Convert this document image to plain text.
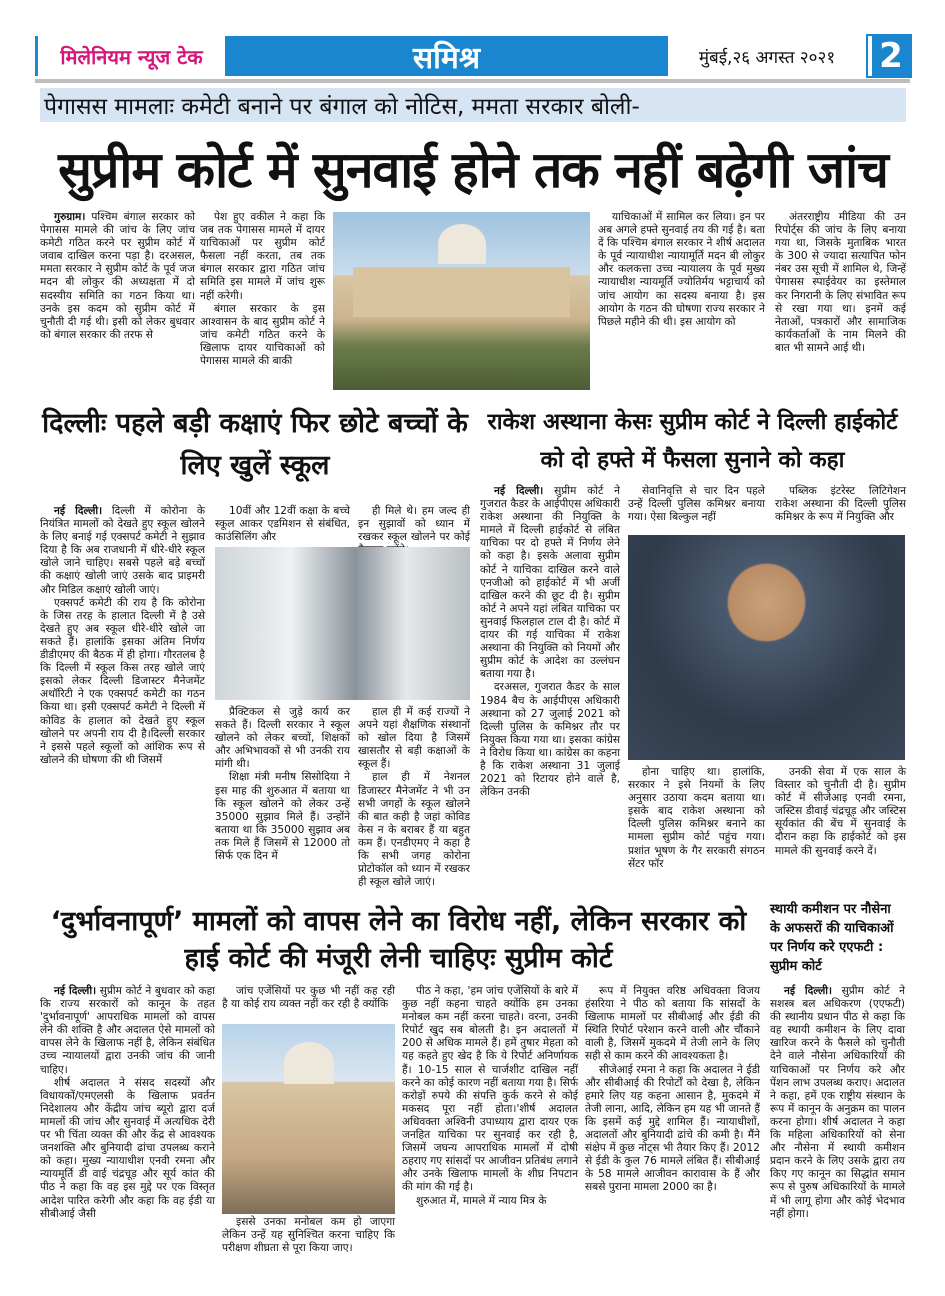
मिलेनियम न्यूज टेक	समिश्र	मुंबई,२६ अगस्त २०२१	2
पेगासस मामलाः कमेटी बनाने पर बंगाल को नोटिस, ममता सरकार बोली-
सुप्रीम कोर्ट में सुनवाई होने तक नहीं बढ़ेगी जांच

गुरुग्राम। पश्चिम बंगाल सरकार को पेगासस मामले की जांच के लिए जांच कमेटी गठित करने पर सुप्रीम कोर्ट में जवाब दाखिल करना पड़ा है। दरअसल, ममता सरकार ने सुप्रीम कोर्ट के पूर्व जज मदन बी लोकुर की अध्यक्षता में दो सदस्यीय समिति का गठन किया था। उनके इस कदम को सुप्रीम कोर्ट में चुनौती दी गई थी। इसी को लेकर बुधवार को बंगाल सरकार की तरफ से

पेश हुए वकील ने कहा कि जब तक पेगासस मामले में दायर याचिकाओं पर सुप्रीम कोर्ट फैसला नहीं करता, तब तक बंगाल सरकार द्वारा गठित जांच समिति इस मामले में जांच शुरू नहीं करेगी।

बंगाल सरकार के इस आश्वासन के बाद सुप्रीम कोर्ट ने जांच कमेटी गठित करने के खिलाफ दायर याचिकाओं को पेगासस मामले की बाकी

याचिकाओं में सामिल कर लिया। इन पर अब अगले हफ्ते सुनवाई तय की गई है। बता दें कि पश्चिम बंगाल सरकार ने शीर्ष अदालत के पूर्व न्यायाधीश न्यायामूर्ति मदन बी लोकुर और कलकत्ता उच्च न्यायालय के पूर्व मुख्य न्यायाधीश न्यायमूर्ति ज्योतिर्मय भट्टाचार्य को जांच आयोग का सदस्य बनाया है। इस आयोग के गठन की घोषणा राज्य सरकार ने पिछले महीने की थी। इस आयोग को

अंतरराष्ट्रीय मीडिया की उन रिपोर्ट्स की जांच के लिए बनाया गया था, जिसके मुताबिक भारत के 300 से ज्यादा सत्यापित फोन नंबर उस सूची में शामिल थे, जिन्हें पेगासस स्पाईवेयर का इस्तेमाल कर निगरानी के लिए संभावित रूप से रखा गया था। इनमें कई नेताओं, पत्रकारों और सामाजिक कार्यकर्ताओं के नाम मिलने की बात भी सामने आई थी।

दिल्लीः पहले बड़ी कक्षाएं फिर छोटे बच्चों के लिए खुलें स्कूल

नई दिल्ली। दिल्ली में कोरोना के नियंत्रित मामलों को देखते हुए स्कूल खोलने के लिए बनाई गई एक्सपर्ट कमेटी ने सुझाव दिया है कि अब राजधानी में धीरे-धीरे स्कूल खोले जाने चाहिए। सबसे पहले बड़े बच्चों की कक्षाएं खोली जाएं उसके बाद प्राइमरी और मिडिल कक्षाएं खोली जाएं।

एक्सपर्ट कमेटी की राय है कि कोरोना के जिस तरह के हालात दिल्ली में है उसे देखते हुए अब स्कूल धीरे-धीरे खोले जा सकते हैं। हालांकि इसका अंतिम निर्णय डीडीएमए की बैठक में ही होगा। गौरतलब है कि दिल्ली में स्कूल किस तरह खोले जाएं इसको लेकर दिल्ली डिजास्टर मैनेजमेंट अथॉरिटी ने एक एक्सपर्ट कमेटी का गठन किया था। इसी एक्सपर्ट कमेटी ने दिल्ली में कोविड के हालात को देखते हुए स्कूल खोलने पर अपनी राय दी है।दिल्ली सरकार ने इससे पहले स्कूलों को आंशिक रूप से खोलने की घोषणा की थी जिसमें

10वीं और 12वीं कक्षा के बच्चे स्कूल आकर एडमिशन से संबंधित, काउंसिलिंग और

ही मिले थे। हम जल्द ही इन सुझावों को ध्यान में रखकर स्कूल खोलने पर कोई

प्रैक्टिकल से जुड़े कार्य कर सकते हैं। दिल्ली सरकार ने स्कूल खोलने को लेकर बच्चों, शिक्षकों और अभिभावकों से भी उनकी राय मांगी थी।

शिक्षा मंत्री मनीष सिसोदिया ने इस माह की शुरुआत में बताया था कि स्कूल खोलने को लेकर उन्हें 35000 सुझाव मिले हैं। उन्होंने बताया था कि 35000 सुझाव अब तक मिले हैं जिसमें से 12000 तो सिर्फ एक दिन में

हाल ही में कई राज्यों ने अपने यहां शैक्षणिक संस्थानों को खोल दिया है जिसमें खासतौर से बड़ी कक्षाओं के स्कूल हैं।

हाल ही में नेशनल डिजास्टर मैनेजमेंट ने भी उन सभी जगहों के स्कूल खोलने की बात कही है जहां कोविड केस न के बराबर हैं या बहुत कम हैं। एनडीएमए ने कहा है कि सभी जगह कोरोना प्रोटोकॉल को ध्यान में रखकर ही स्कूल खोले जाएं।

राकेश अस्थाना केसः सुप्रीम कोर्ट ने दिल्ली हाईकोर्ट को दो हफ्ते में फैसला सुनाने को कहा

नई दिल्ली। सुप्रीम कोर्ट ने गुजरात कैडर के आईपीएस अधिकारी राकेश अस्थाना की नियुक्ति के मामले में दिल्ली हाईकोर्ट से लंबित याचिका पर दो हफ्ते में निर्णय लेने को कहा है। इसके अलावा सुप्रीम कोर्ट ने याचिका दाखिल करने वाले एनजीओ को हाईकोर्ट में भी अर्जी दाखिल करने की छूट दी है। सुप्रीम कोर्ट ने अपने यहां लंबित याचिका पर सुनवाई फिलहाल टाल दी है। कोर्ट में दायर की गई याचिका में राकेश अस्थाना की नियुक्ति को नियमों और सुप्रीम कोर्ट के आदेश का उल्लंघन बताया गया है।

दरअसल, गुजरात कैडर के साल 1984 बैच के आईपीएस अधिकारी अस्थाना को 27 जुलाई 2021 को दिल्ली पुलिस के कमिश्नर तौर पर नियुक्त किया गया था। इसका कांग्रेस ने विरोध किया था। कांग्रेस का कहना है कि राकेश अस्थाना 31 जुलाई 2021 को रिटायर होने वाले है, लेकिन उनकी

सेवानिवृत्ति से चार दिन पहले उन्हें दिल्ली पुलिस कमिश्नर बनाया गया। ऐसा बिल्कुल नहीं

पब्लिक इंटरेस्ट लिटिगेशन राकेश अस्थाना की दिल्ली पुलिस कमिश्नर के रूप में नियुक्ति और

होना चाहिए था। हालांकि, सरकार ने इसे नियमों के लिए अनुसार उठाया कदम बताया था।इसके बाद राकेश अस्थाना को दिल्ली पुलिस कमिश्नर बनाने का मामला सुप्रीम कोर्ट पहुंच गया। प्रशांत भूषण के गैर सरकारी संगठन सेंटर फॉर

उनकी सेवा में एक साल के विस्तार को चुनौती दी है। सुप्रीम कोर्ट में सीजेआइ एनवी रमना, जस्टिस डीवाई चंद्रचूड़ और जस्टिस सूर्यकांत की बेंच में सुनवाई के दौरान कहा कि हाईकोर्ट को इस मामले की सुनवाई करने दें।

‘दुर्भावनापूर्ण’ मामलों को वापस लेने का विरोध नहीं, लेकिन सरकार को हाई कोर्ट की मंजूरी लेनी चाहिएः सुप्रीम कोर्ट
स्थायी कमीशन पर नौसेना के अफसरों की याचिकाओं पर निर्णय करे एएफटी : सुप्रीम कोर्ट

नई दिल्ली। सुप्रीम कोर्ट ने बुधवार को कहा कि राज्य सरकारों को कानून के तहत 'दुर्भावनापूर्ण' आपराधिक मामलों को वापस लेने की शक्ति है और अदालत ऐसे मामलों को वापस लेने के खिलाफ नहीं है, लेकिन संबंधित उच्च न्यायालयों द्वारा उनकी जांच की जानी चाहिए।

शीर्ष अदालत ने संसद सदस्यों और विधायकों/एमएलसी के खिलाफ प्रवर्तन निदेशालय और केंद्रीय जांच ब्यूरो द्वारा दर्ज मामलों की जांच और सुनवाई में अत्यधिक देरी पर भी चिंता व्यक्त की और केंद्र से आवश्यक जनशक्ति और बुनियादी ढांचा उपलब्ध कराने को कहा। मुख्य न्यायाधीश एनवी रमना और न्यायमूर्ति डी वाई चंद्रचूड़ और सूर्य कांत की पीठ ने कहा कि वह इस मुद्दे पर एक विस्तृत आदेश पारित करेगी और कहा कि वह ईडी या सीबीआई जैसी

जांच एजेंसियों पर कुछ भी नहीं कह रही है या कोई राय व्यक्त नहीं कर रही है क्योंकि

इससे उनका मनोबल कम हो जाएगा लेकिन उन्हें यह सुनिश्चित करना चाहिए कि परीक्षण शीघ्रता से पूरा किया जाए।

पीठ ने कहा, 'हम जांच एजेंसियों के बारे में कुछ नहीं कहना चाहते क्योंकि हम उनका मनोबल कम नहीं करना चाहते। वरना, उनकी रिपोर्ट खुद सब बोलती है। इन अदालतों में 200 से अधिक मामले हैं। हमें तुषार मेहता को यह कहते हुए खेद है कि ये रिपोर्ट अनिर्णायक हैं। 10-15 साल से चार्जशीट दाखिल नहीं करने का कोई कारण नहीं बताया गया है। सिर्फ करोड़ों रुपये की संपत्ति कुर्क करने से कोई मकसद पूरा नहीं होता।'शीर्ष अदालत अधिवक्ता अश्विनी उपाध्याय द्वारा दायर एक जनहित याचिका पर सुनवाई कर रही है, जिसमें जघन्य आपराधिक मामलों में दोषी ठहराए गए सांसदों पर आजीवन प्रतिबंध लगाने और उनके खिलाफ मामलों के शीघ्र निपटान की मांग की गई है।

शुरुआत में, मामले में न्याय मित्र के

रूप में नियुक्त वरिष्ठ अधिवक्ता विजय हंसरिया ने पीठ को बताया कि सांसदों के खिलाफ मामलों पर सीबीआई और ईडी की स्थिति रिपोर्ट परेशान करने वाली और चौंकाने वाली है, जिसमें मुकदमे में तेजी लाने के लिए सही से काम करने की आवश्यकता है।

सीजेआई रमना ने कहा कि अदालत ने ईडी और सीबीआई की रिपोर्टों को देखा है, लेकिन हमारे लिए यह कहना आसान है, मुकदमे में तेजी लाना, आदि, लेकिन हम यह भी जानते हैं कि इसमें कई मुद्दे शामिल हैं। न्यायाधीशों, अदालतों और बुनियादी ढांचे की कमी है। मैंने संक्षेप में कुछ नोट्स भी तैयार किए हैं। 2012 से ईडी के कुल 76 मामले लंबित हैं। सीबीआई के 58 मामले आजीवन कारावास के हैं और सबसे पुराना मामला 2000 का है।

नई दिल्ली। सुप्रीम कोर्ट ने सशस्त्र बल अधिकरण (एएफटी) की स्थानीय प्रधान पीठ से कहा कि वह स्थायी कमीशन के लिए दावा खारिज करने के फैसले को चुनौती देने वाले नौसेना अधिकारियों की याचिकाओं पर निर्णय करे और पेंशन लाभ उपलब्ध कराए। अदालत ने कहा, हमें एक राष्ट्रीय संस्थान के रूप में कानून के अनुक्रम का पालन करना होगा। शीर्ष अदालत ने कहा कि महिला अधिकारियों को सेना और नौसेना में स्थायी कमीशन प्रदान करने के लिए उसके द्वारा तय किए गए कानून का सिद्धांत समान रूप से पुरुष अधिकारियों के मामले में भी लागू होगा और कोई भेदभाव नहीं होगा।
